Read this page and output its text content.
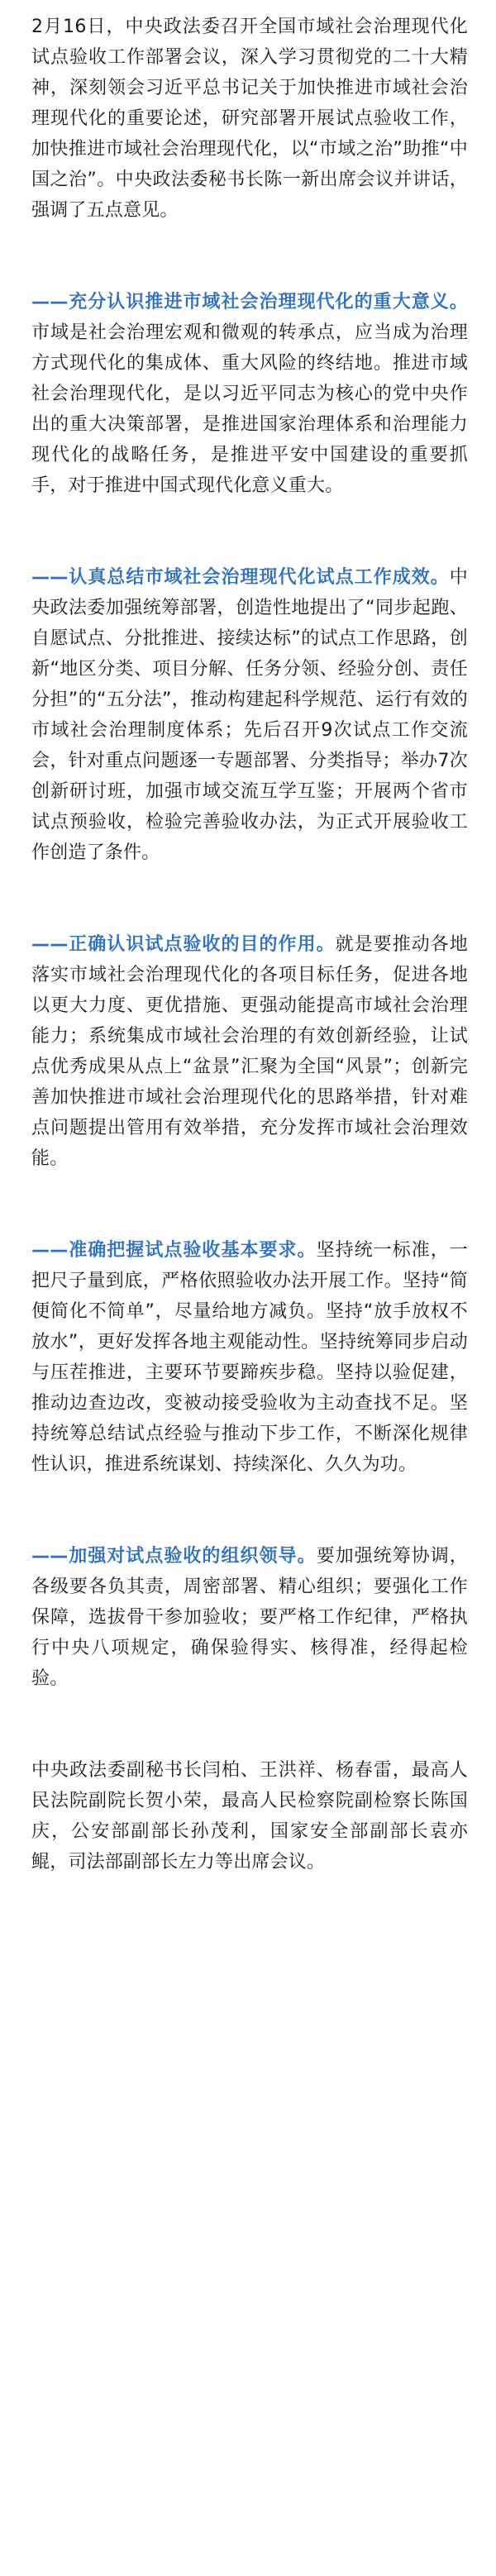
2月16日，中央政法委召开全国市域社会治理现代化试点验收工作部署会议，深入学习贯彻党的二十大精神，深刻领会习近平总书记关于加快推进市域社会治理现代化的重要论述，研究部署开展试点验收工作，加快推进市域社会治理现代化，以“市域之治”助推“中国之治”。中央政法委秘书长陈一新出席会议并讲话，强调了五点意见。

——充分认识推进市域社会治理现代化的重大意义。市域是社会治理宏观和微观的转承点，应当成为治理方式现代化的集成体、重大风险的终结地。推进市域社会治理现代化，是以习近平同志为核心的党中央作出的重大决策部署，是推进国家治理体系和治理能力现代化的战略任务，是推进平安中国建设的重要抓手，对于推进中国式现代化意义重大。

——认真总结市域社会治理现代化试点工作成效。中央政法委加强统筹部署，创造性地提出了“同步起跑、自愿试点、分批推进、接续达标”的试点工作思路，创新“地区分类、项目分解、任务分领、经验分创、责任分担”的“五分法”，推动构建起科学规范、运行有效的市域社会治理制度体系；先后召开9次试点工作交流会，针对重点问题逐一专题部署、分类指导；举办7次创新研讨班，加强市域交流互学互鉴；开展两个省市试点预验收，检验完善验收办法，为正式开展验收工作创造了条件。

——正确认识试点验收的目的作用。就是要推动各地落实市域社会治理现代化的各项目标任务，促进各地以更大力度、更优措施、更强动能提高市域社会治理能力；系统集成市域社会治理的有效创新经验，让试点优秀成果从点上“盆景”汇聚为全国“风景”；创新完善加快推进市域社会治理现代化的思路举措，针对难点问题提出管用有效举措，充分发挥市域社会治理效能。

——准确把握试点验收基本要求。坚持统一标准，一把尺子量到底，严格依照验收办法开展工作。坚持“简便简化不简单”，尽量给地方减负。坚持“放手放权不放水”，更好发挥各地主观能动性。坚持统筹同步启动与压茬推进，主要环节要蹄疾步稳。坚持以验促建，推动边查边改，变被动接受验收为主动查找不足。坚持统筹总结试点经验与推动下步工作，不断深化规律性认识，推进系统谋划、持续深化、久久为功。

——加强对试点验收的组织领导。要加强统筹协调，各级要各负其责，周密部署、精心组织；要强化工作保障，选拔骨干参加验收；要严格工作纪律，严格执行中央八项规定，确保验得实、核得准，经得起检验。

中央政法委副秘书长闫柏、王洪祥、杨春雷，最高人民法院副院长贺小荣，最高人民检察院副检察长陈国庆，公安部副部长孙茂利，国家安全部副部长袁亦鲲，司法部副部长左力等出席会议。
